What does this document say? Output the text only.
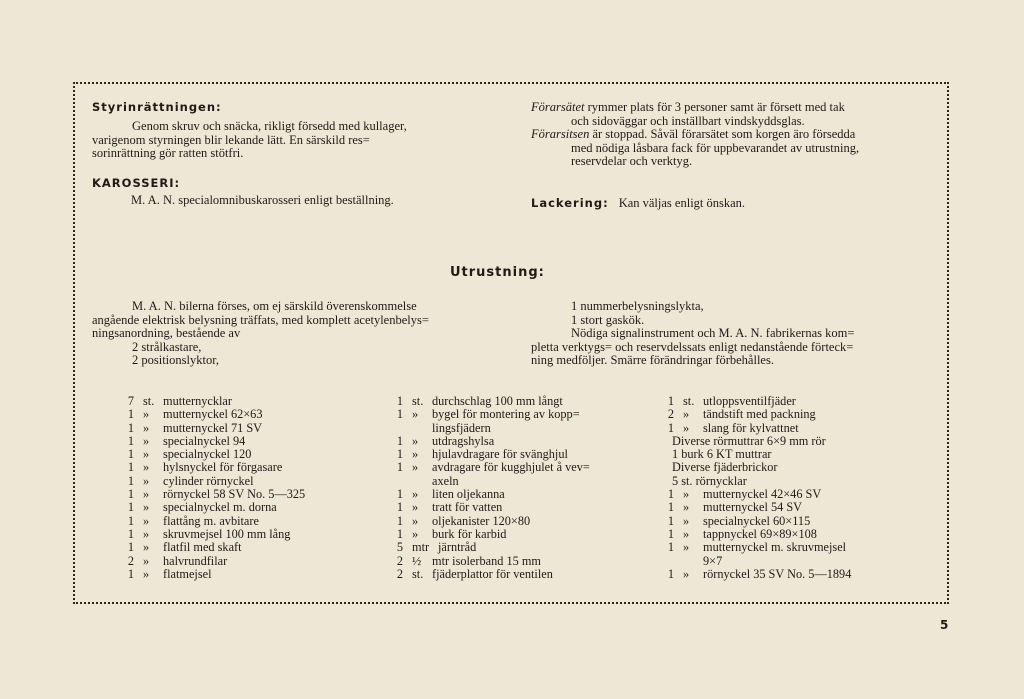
Styrinrättningen:
Genom skruv och snäcka, rikligt försedd med kullager,
varigenom styrningen blir lekande lätt. En särskild res=
sorinrättning gör ratten stötfri.
KAROSSERI:
M. A. N. specialomnibuskarosseri enligt beställning.
Förarsätet rymmer plats för 3 personer samt är försett med tak
och sidoväggar och inställbart vindskyddsglas.
Förarsitsen är stoppad. Såväl förarsätet som korgen äro försedda
med nödiga låsbara fack för uppbevarandet av utrustning,
reservdelar och verktyg.
Lackering: Kan väljas enligt önskan.
Utrustning:
M. A. N. bilerna förses, om ej särskild överenskommelse
angående elektrisk belysning träffats, med komplett acetylenbelys=
ningsanordning, bestående av
2 strålkastare,
2 positionslyktor,
1 nummerbelysningslykta,
1 stort gaskök.
Nödiga signalinstrument och M. A. N. fabrikernas kom=
pletta verktygs= och reservdelssats enligt nedanstående förteck=
ning medföljer. Smärre förändringar förbehålles.
7 st. mutternycklar
1 »	mutternyckel 62×63
1 »	mutternyckel 71 SV
1 »	specialnyckel 94
1 »	specialnyckel 120
1 »	hylsnyckel för förgasare
1 »	cylinder rörnyckel
1 »	rörnyckel 58 SV No. 5—325
1 »	specialnyckel m. dorna
1 »	flattång m. avbitare
1 »	skruvmejsel 100 mm lång
1 »	flatfil med skaft
2 »	halvrundfilar
1 »	flatmejsel
1 st. durchschlag 100 mm långt
1 »	bygel för montering av kopp=
lingsfjädern
1 »	utdragshylsa
1 »	hjulavdragare för svänghjul
1 »	avdragare för kugghjulet å vev=
axeln
1 »	liten oljekanna
1 »	tratt för vatten
1 »	oljekanister 120×80
1 »	burk för karbid
5 mtr järntråd
2 ½ mtr isolerband 15 mm
2 st. fjäderplattor för ventilen
1 st. utloppsventilfjäder
2 »	tändstift med packning
1 »	slang för kylvattnet
Diverse rörmuttrar 6×9 mm rör
1 burk 6 KT muttrar
Diverse fjäderbrickor
5 st. rörnycklar
1 »	mutternyckel 42×46 SV
1 »	mutternyckel 54 SV
1 »	specialnyckel 60×115
1 »	tappnyckel 69×89×108
1 »	mutternyckel m. skruvmejsel
9×7
1 »	rörnyckel 35 SV No. 5—1894
5
